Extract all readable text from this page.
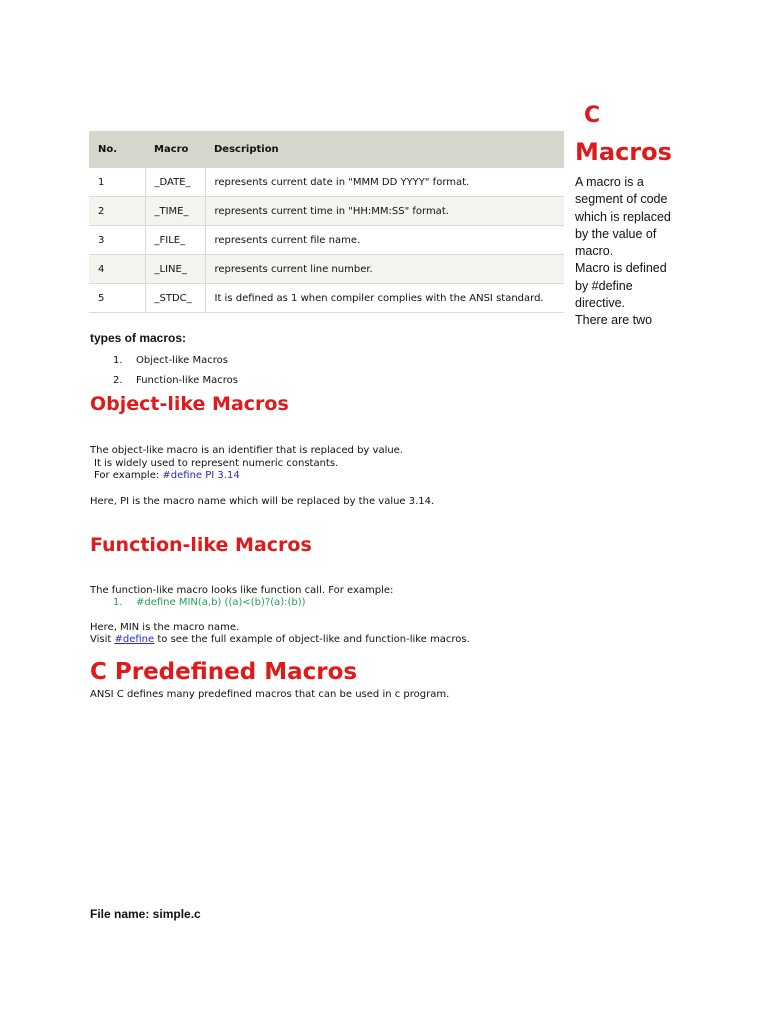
C
Macros
A macro is a
segment of code
which is replaced
by the value of
macro.
Macro is defined
by #define
directive.
There are two
No.	Macro	Description
1	_DATE_	represents current date in "MMM DD YYYY" format.
2	_TIME_	represents current time in "HH:MM:SS" format.
3	_FILE_	represents current file name.
4	_LINE_	represents current line number.
5	_STDC_	It is defined as 1 when compiler complies with the ANSI standard.
types of macros:
1. Object-like Macros
2. Function-like Macros
Object-like Macros
The object-like macro is an identifier that is replaced by value.
It is widely used to represent numeric constants.
For example: #define PI 3.14
Here, PI is the macro name which will be replaced by the value 3.14.
Function-like Macros
The function-like macro looks like function call. For example:
1. #define MIN(a,b) ((a)<(b)?(a):(b))
Here, MIN is the macro name.
Visit #define to see the full example of object-like and function-like macros.
C Predefined Macros
ANSI C defines many predefined macros that can be used in c program.
File name: simple.c
